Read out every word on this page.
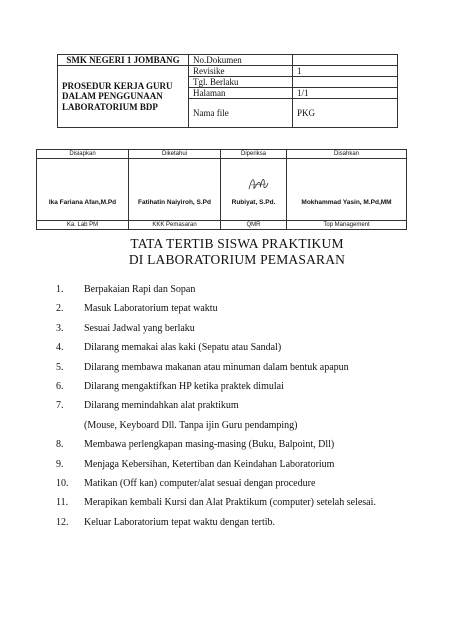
SMK NEGERI 1 JOMBANG	No.Dokumen	
PROSEDUR KERJA GURU DALAM PENGGUNAAN LABORATORIUM BDP	Revisike	1
	Tgl. Berlaku	
	Halaman	1/1
	Nama file	PKG
Disiapkan	Diketahui	Diperiksa	Disahkan
Ika Fariana Afan,M.Pd	Fatihatin Naiyiroh, S.Pd	Rubiyat, S.Pd.	Mokhammad Yasin, M.Pd,MM
Ka. Lab PM	KKK Pemasaran	QMR	Top Management
TATA TERTIB SISWA PRAKTIKUM
DI LABORATORIUM PEMASARAN
1. Berpakaian Rapi dan Sopan
2. Masuk Laboratorium tepat waktu
3. Sesuai Jadwal yang berlaku
4. Dilarang memakai alas kaki (Sepatu atau Sandal)
5. Dilarang membawa makanan atau minuman dalam bentuk apapun
6. Dilarang mengaktifkan HP ketika praktek dimulai
7. Dilarang memindahkan alat praktikum
(Mouse, Keyboard Dll. Tanpa ijin Guru pendamping)
8. Membawa perlengkapan masing-masing (Buku, Balpoint, Dll)
9. Menjaga Kebersihan, Ketertiban dan Keindahan Laboratorium
10. Matikan (Off kan) computer/alat sesuai dengan procedure
11. Merapikan kembali Kursi dan Alat Praktikum (computer) setelah selesai.
12. Keluar Laboratorium tepat waktu dengan tertib.
